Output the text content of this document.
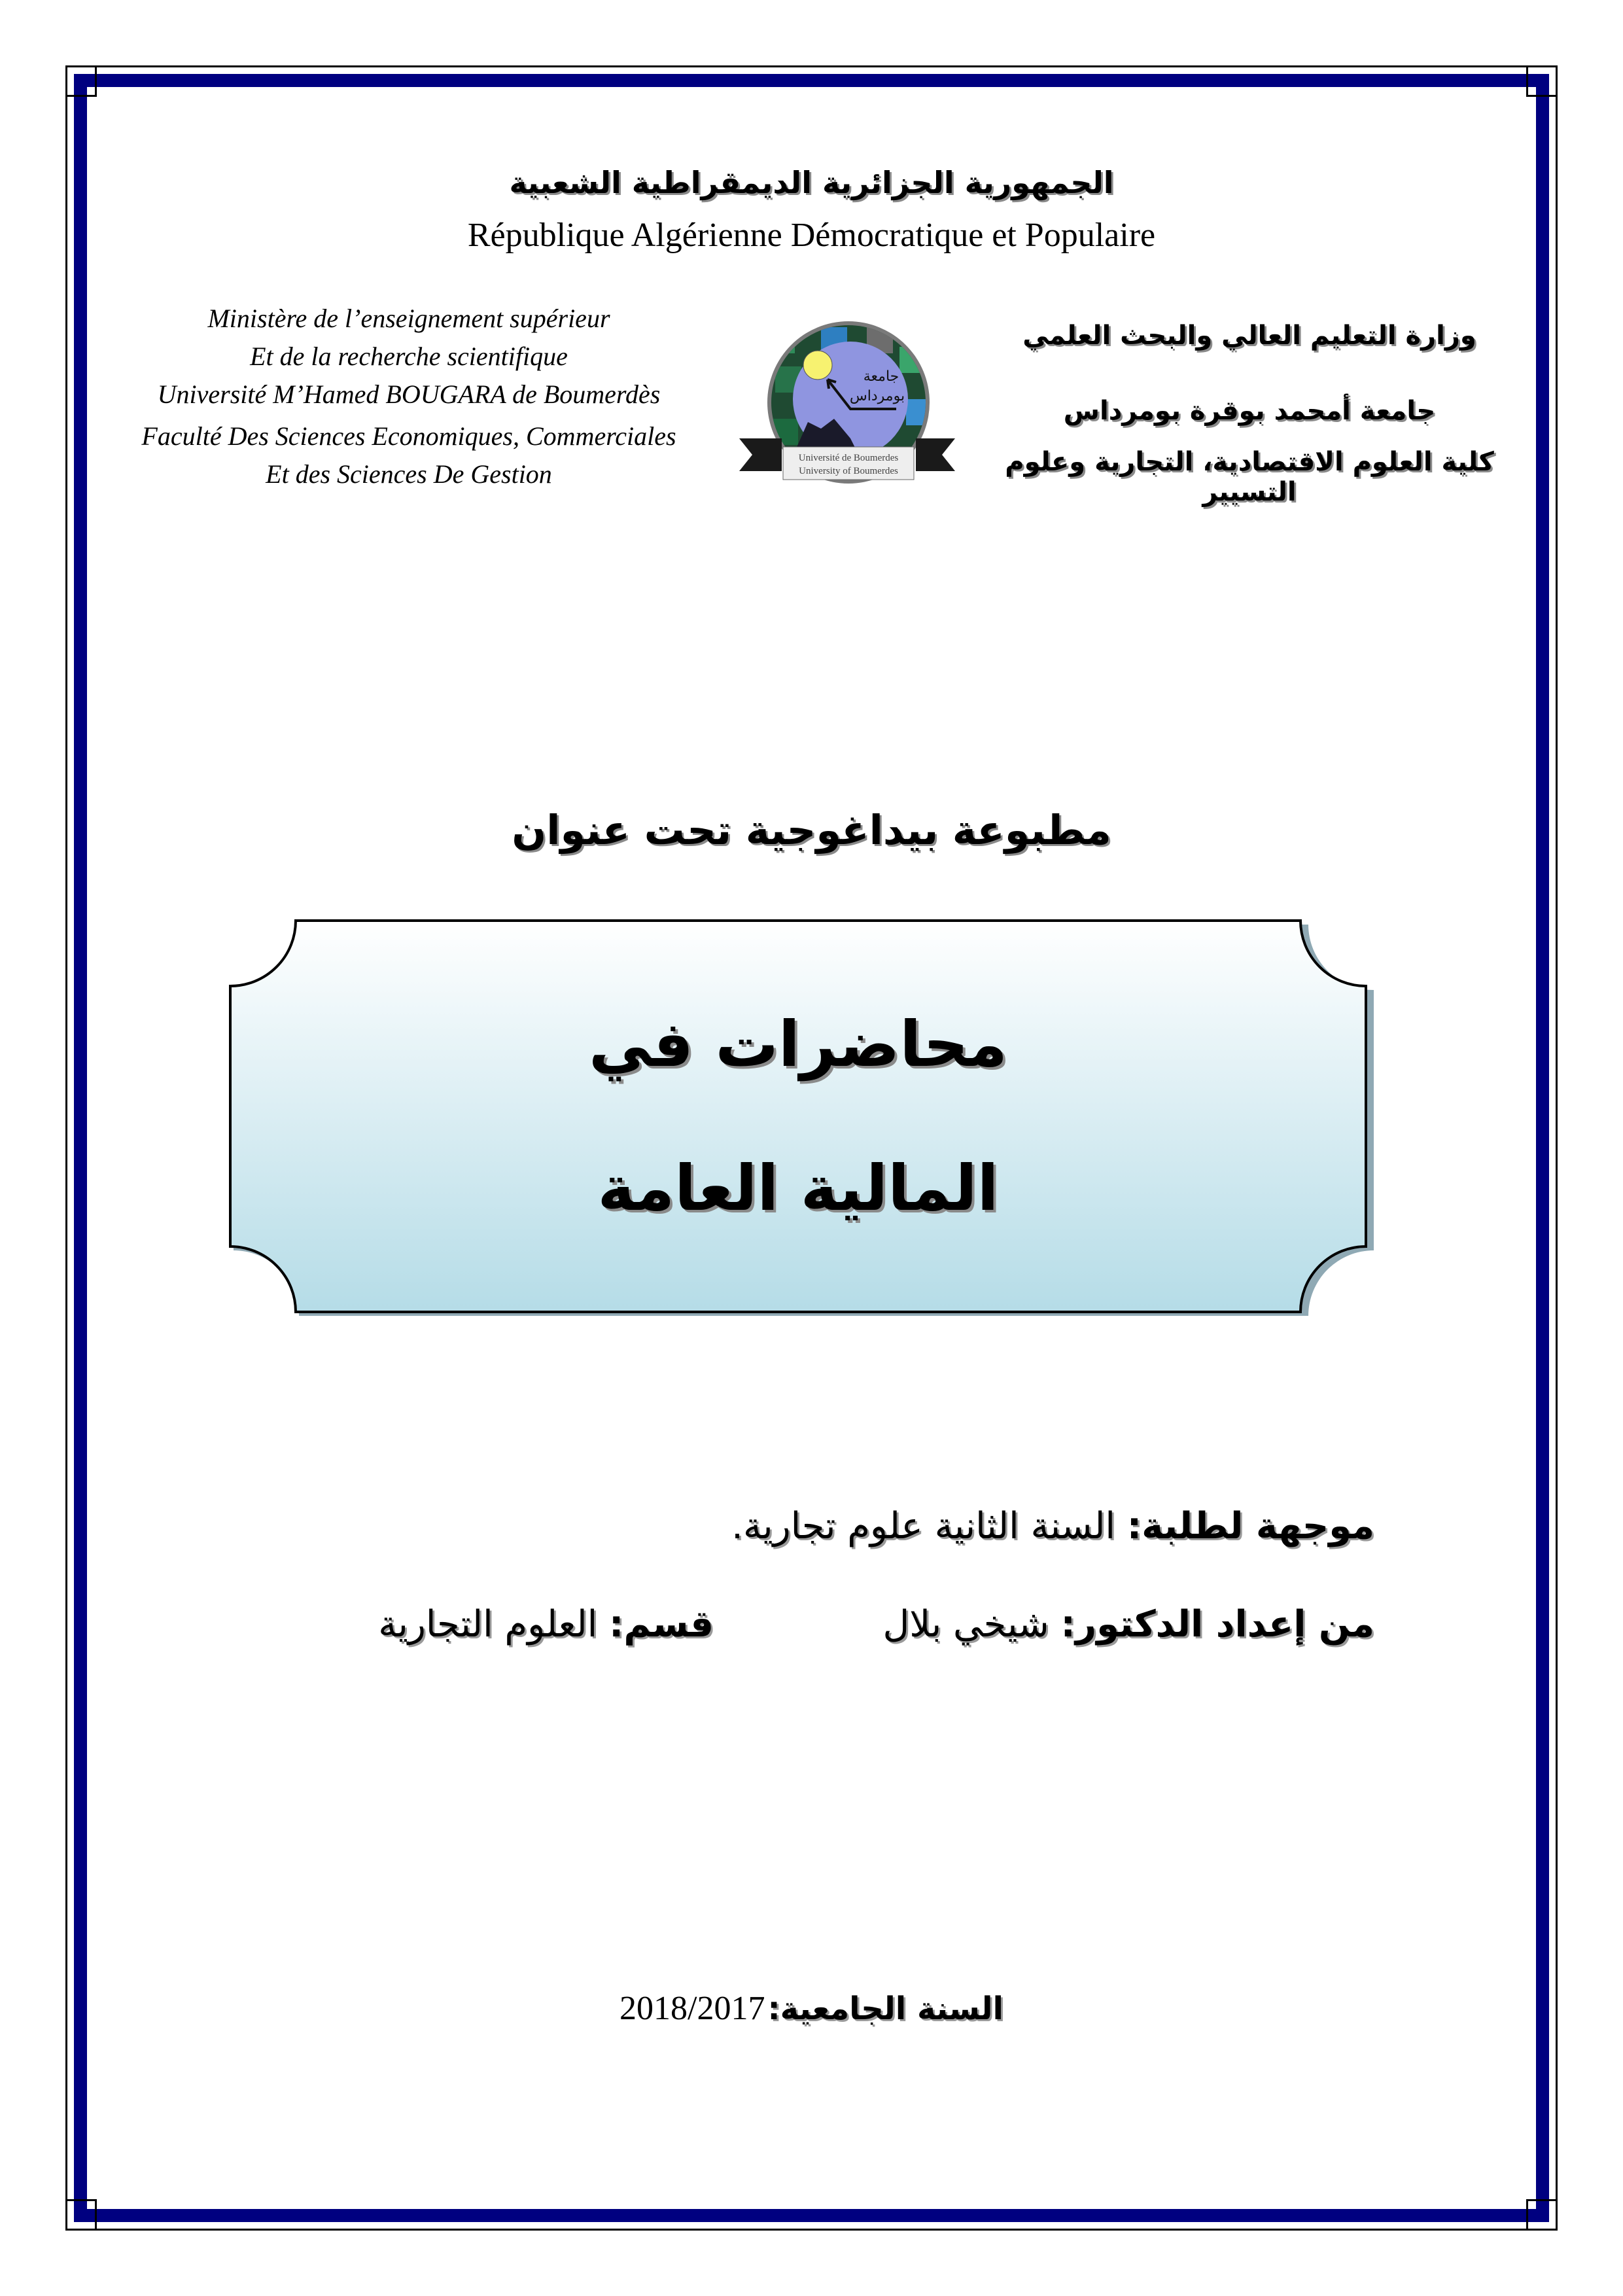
الجمهورية الجزائرية الديمقراطية الشعبية
République Algérienne Démocratique et Populaire
Ministère de l’enseignement supérieur
Et de la recherche scientifique
Université M’Hamed BOUGARA de Boumerdès
Faculté Des Sciences Economiques, Commerciales
Et des Sciences De Gestion
جامعة
بومرداس
Université de Boumerdes
University of Boumerdes
وزارة التعليم العالي والبحث العلمي
جامعة أمحمد بوقرة بومرداس
كلية العلوم الاقتصادية، التجارية وعلوم التسيير
مطبوعة بيداغوجية تحت عنوان
محاضرات في
المالية العامة
موجهة لطلبة: السنة الثانية علوم تجارية.
من إعداد الدكتور: شيخي بلال
قسم: العلوم التجارية
2018/2017 السنة الجامعية:
